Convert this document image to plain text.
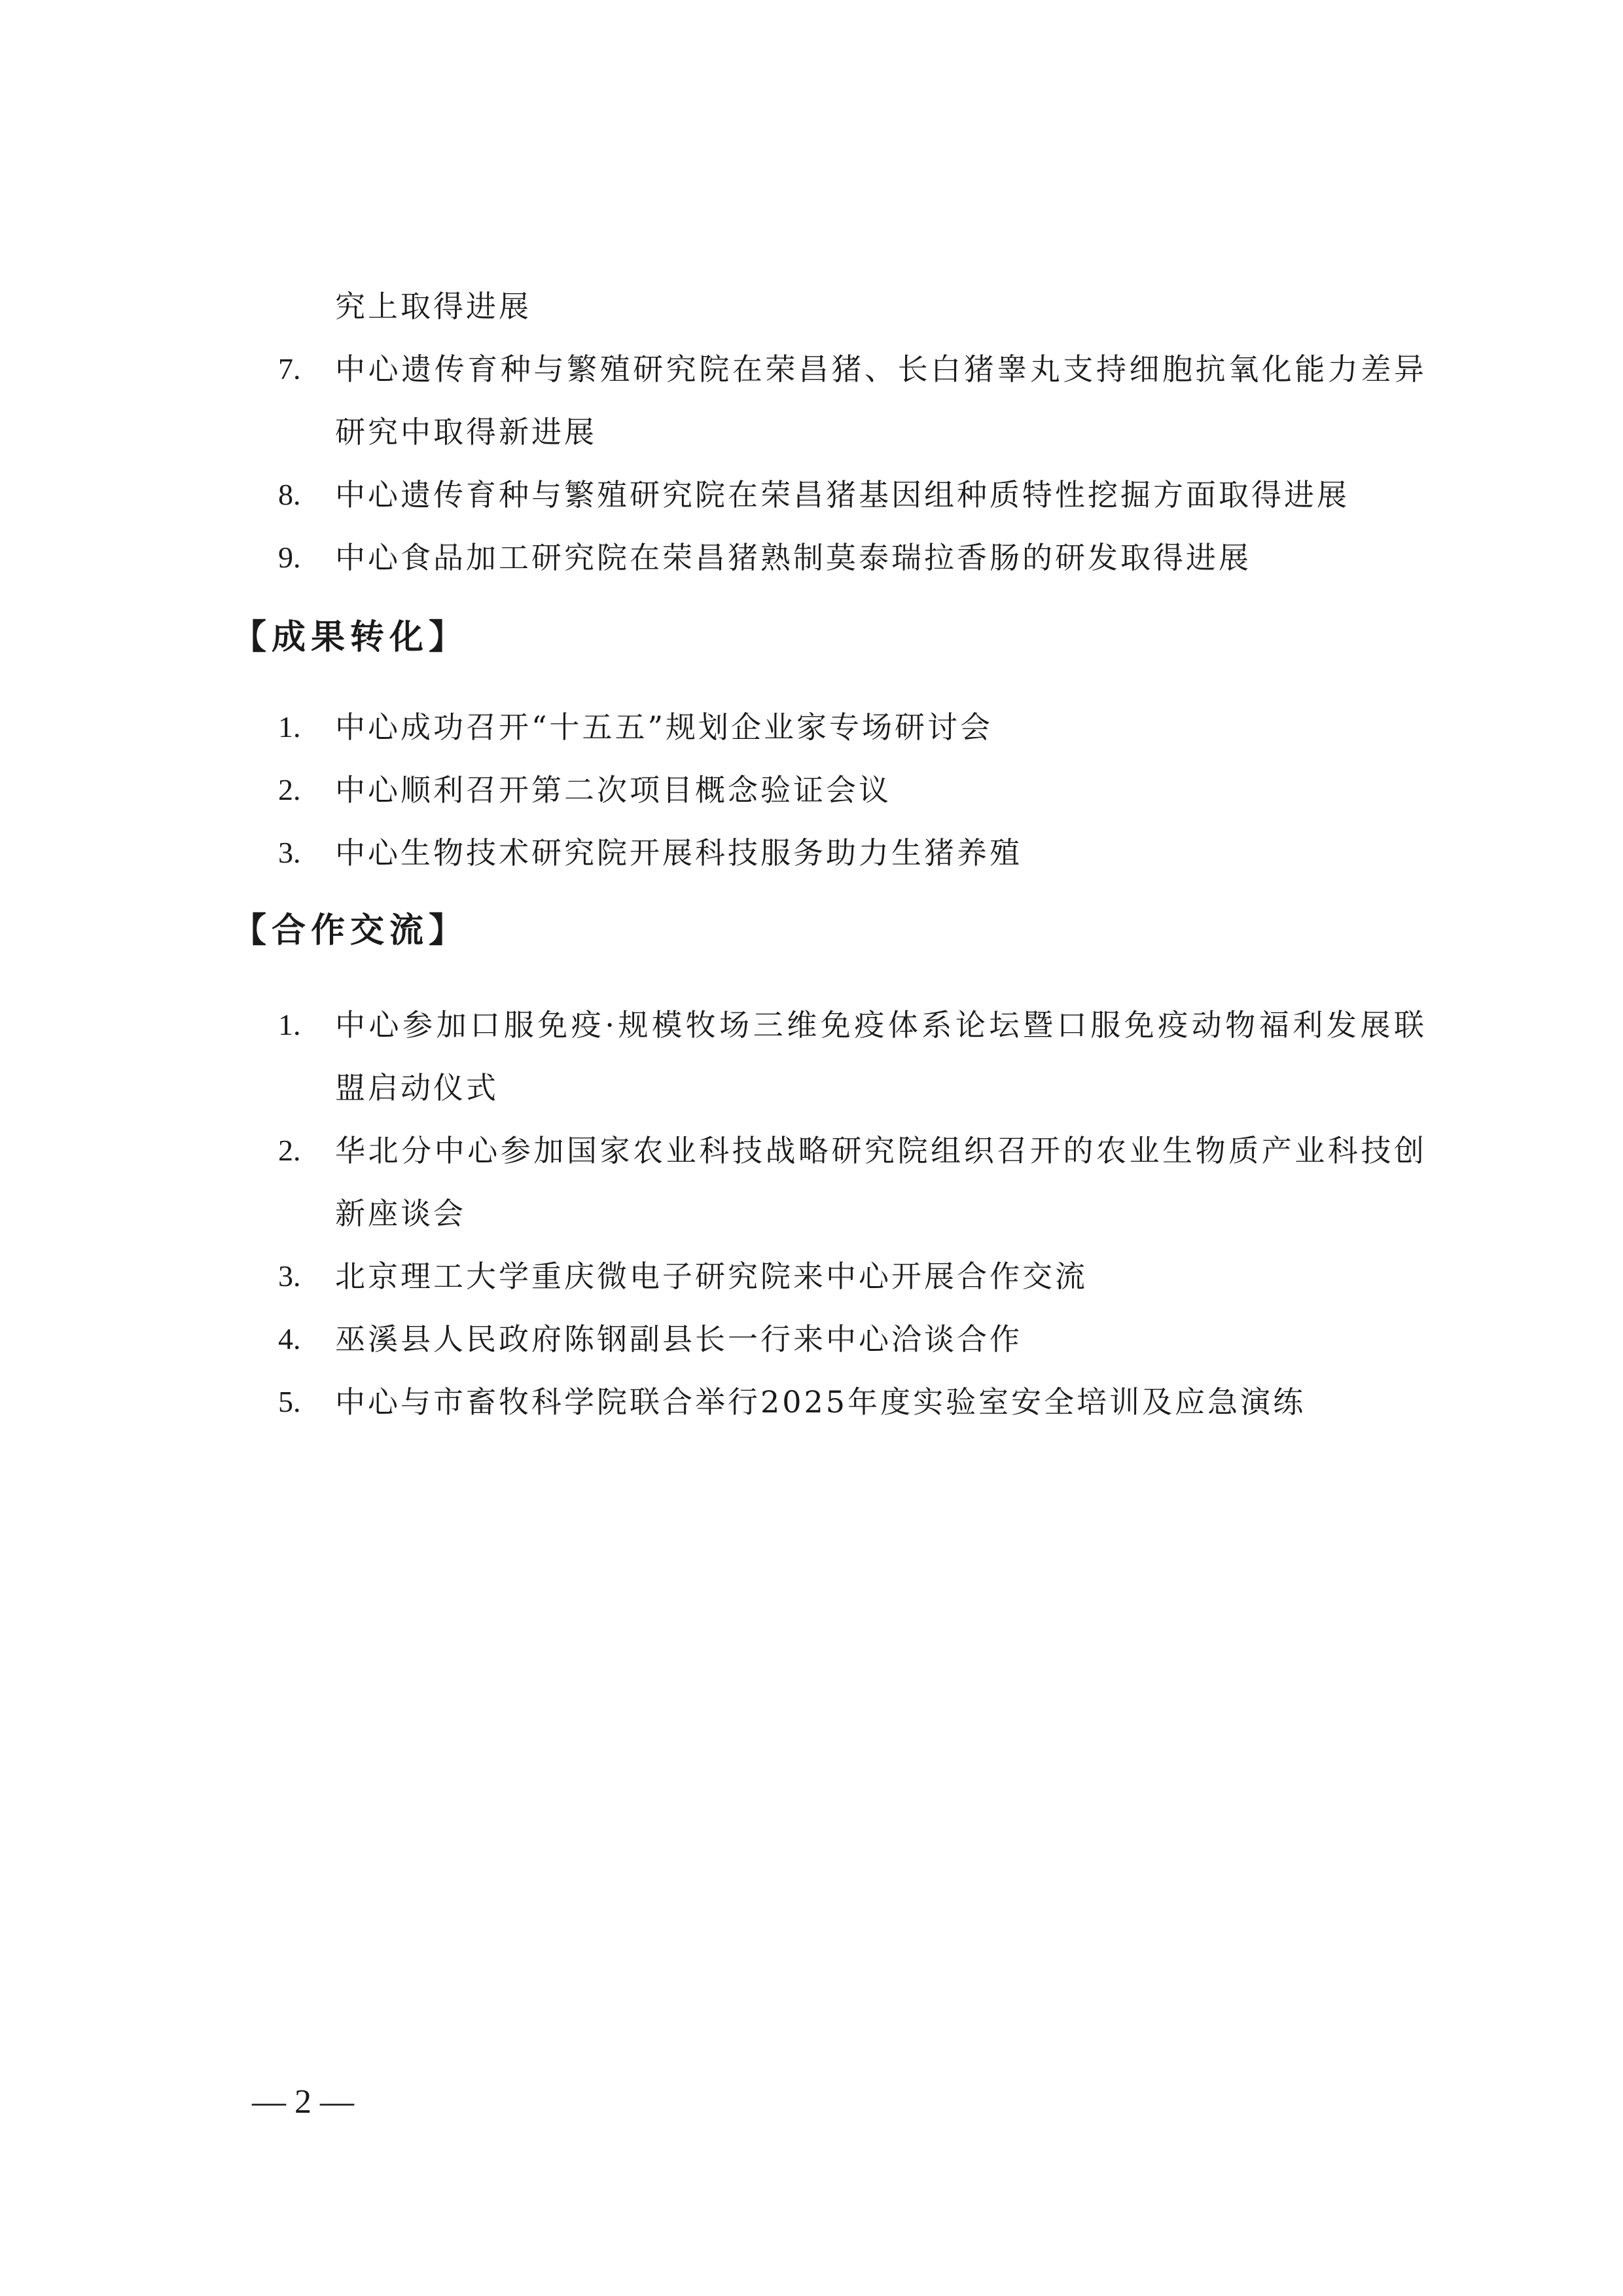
究上取得进展
7. 中心遗传育种与繁殖研究院在荣昌猪、长白猪睾丸支持细胞抗氧化能力差异研究中取得新进展
8. 中心遗传育种与繁殖研究院在荣昌猪基因组种质特性挖掘方面取得进展
9. 中心食品加工研究院在荣昌猪熟制莫泰瑞拉香肠的研发取得进展
【成果转化】
1. 中心成功召开“十五五”规划企业家专场研讨会
2. 中心顺利召开第二次项目概念验证会议
3. 中心生物技术研究院开展科技服务助力生猪养殖
【合作交流】
1. 中心参加口服免疫·规模牧场三维免疫体系论坛暨口服免疫动物福利发展联盟启动仪式
2. 华北分中心参加国家农业科技战略研究院组织召开的农业生物质产业科技创新座谈会
3. 北京理工大学重庆微电子研究院来中心开展合作交流
4. 巫溪县人民政府陈钢副县长一行来中心洽谈合作
5. 中心与市畜牧科学院联合举行2025年度实验室安全培训及应急演练
— 2 —
